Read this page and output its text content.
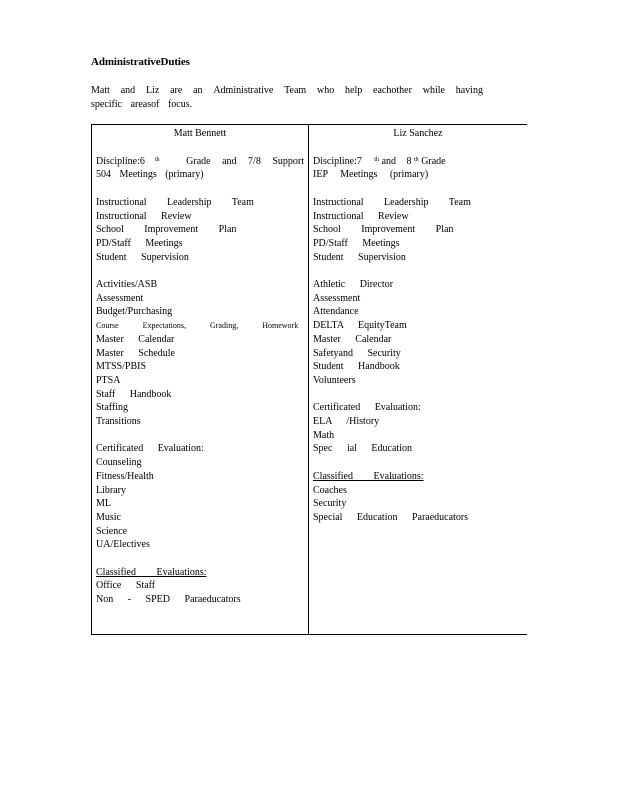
AdministrativeDuties
Matt and Liz are an Administrative Team who help eachother while having
specific areasof focus.
Matt Bennett
Discipline:6 $^{th}$	Grade and 7/8 Support
504 Meetings (primary)
Instructional Leadership Team
Instructional Review
School Improvement Plan
PD/Staff Meetings
Student Supervision
Activities/ASB
Assessment
Budget/Purchasing
Course Expectations, Grading, Homework
Master Calendar
Master Schedule
MTSS/PBIS
PTSA
Staff Handbook
Staffing
Transitions
Certificated Evaluation:
Counseling
Fitness/Health
Library
ML
Music
Science
UA/Electives
Classified Evaluations:
Office Staff
Non - SPED Paraeducators

Liz Sanchez
Discipline:7 $^{th}$ and 8 $^{th}$ Grade
IEP Meetings (primary)
Instructional Leadership Team
Instructional Review
School Improvement Plan
PD/Staff Meetings
Student Supervision
Athletic Director
Assessment
Attendance
DELTA EquityTeam
Master Calendar
Safetyand Security
Student Handbook
Volunteers
Certificated Evaluation:
ELA /History
Math
Spec ial Education
Classified Evaluations:
Coaches
Security
Special Education Paraeducators
